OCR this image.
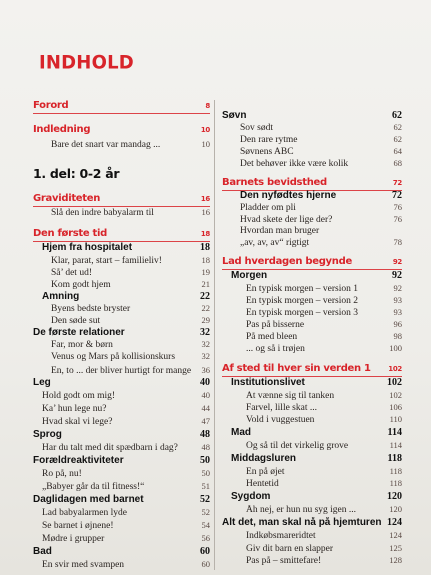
INDHOLD
Forord	8
Indledning	10
Bare det snart var mandag ...	10
1. del: 0-2 år
Graviditeten	16
Slå den indre babyalarm til	16
Den første tid	18
Hjem fra hospitalet	18
Klar, parat, start – familieliv!	18
Så’ det ud!	19
Kom godt hjem	21
Amning	22
Byens bedste bryster	22
Den søde sut	29
De første relationer	32
Far, mor & børn	32
Venus og Mars på kollisionskurs	32
En, to ... der bliver hurtigt for mange	36
Leg	40
Hold godt om mig!	40
Ka’ hun lege nu?	44
Hvad skal vi lege?	47
Sprog	48
Har du talt med dit spædbarn i dag?	48
Forældreaktiviteter	50
Ro på, nu!	50
„Babyer går da til fitness!“	51
Daglidagen med barnet	52
Lad babyalarmen lyde	52
Se barnet i øjnene!	54
Mødre i grupper	56
Bad	60
En svir med svampen	60
Søvn	62
Sov sødt	62
Den rare rytme	62
Søvnens ABC	64
Det behøver ikke være kolik	68
Barnets bevidsthed	72
Den nyfødtes hjerne	72
Pladder om pli	76
Hvad skete der lige der?	76
Hvordan man bruger
„av, av, av“ rigtigt	78
Lad hverdagen begynde	92
Morgen	92
En typisk morgen – version 1	92
En typisk morgen – version 2	93
En typisk morgen – version 3	93
Pas på bisserne	96
På med bleen	98
... og så i trøjen	100
Af sted til hver sin verden 1	102
Institutionslivet	102
At vænne sig til tanken	102
Farvel, lille skat ...	106
Vold i vuggestuen	110
Mad	114
Og så til det virkelig grove	114
Middagsluren	118
En på øjet	118
Hentetid	118
Sygdom	120
Åh nej, er hun nu syg igen ...	120
Alt det, man skal nå på hjemturen 124
Indkøbsmareridtet	124
Giv dit barn en slapper	125
Pas på – smittefare!	128
